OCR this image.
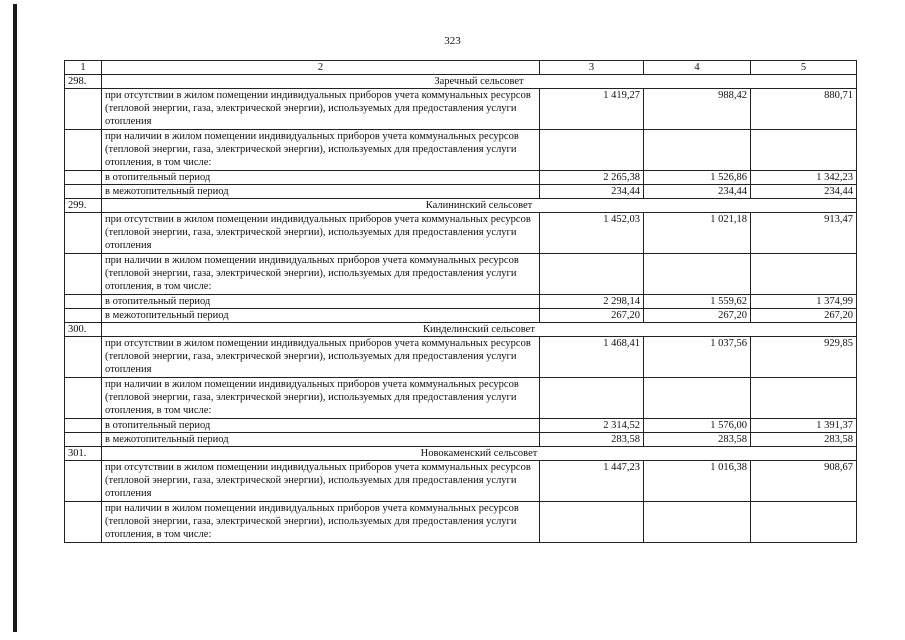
323
1	2	3	4	5
298.	Заречный сельсовет			
	при отсутствии в жилом помещении индивидуальных приборов учета коммунальных ресурсов (тепловой энергии, газа, электрической энергии), используемых для предоставления услуги отопления	1 419,27	988,42	880,71
	при наличии в жилом помещении индивидуальных приборов учета коммунальных ресурсов (тепловой энергии, газа, электрической энергии), используемых для предоставления услуги отопления, в том числе:			
	в отопительный период	2 265,38	1 526,86	1 342,23
	в межотопительный период	234,44	234,44	234,44
299.	Калининский сельсовет			
	при отсутствии в жилом помещении индивидуальных приборов учета коммунальных ресурсов (тепловой энергии, газа, электрической энергии), используемых для предоставления услуги отопления	1 452,03	1 021,18	913,47
	при наличии в жилом помещении индивидуальных приборов учета коммунальных ресурсов (тепловой энергии, газа, электрической энергии), используемых для предоставления услуги отопления, в том числе:			
	в отопительный период	2 298,14	1 559,62	1 374,99
	в межотопительный период	267,20	267,20	267,20
300.	Кинделинский сельсовет			
	при отсутствии в жилом помещении индивидуальных приборов учета коммунальных ресурсов (тепловой энергии, газа, электрической энергии), используемых для предоставления услуги отопления	1 468,41	1 037,56	929,85
	при наличии в жилом помещении индивидуальных приборов учета коммунальных ресурсов (тепловой энергии, газа, электрической энергии), используемых для предоставления услуги отопления, в том числе:			
	в отопительный период	2 314,52	1 576,00	1 391,37
	в межотопительный период	283,58	283,58	283,58
301.	Новокаменский сельсовет			
	при отсутствии в жилом помещении индивидуальных приборов учета коммунальных ресурсов (тепловой энергии, газа, электрической энергии), используемых для предоставления услуги отопления	1 447,23	1 016,38	908,67
	при наличии в жилом помещении индивидуальных приборов учета коммунальных ресурсов (тепловой энергии, газа, электрической энергии), используемых для предоставления услуги отопления, в том числе:			
